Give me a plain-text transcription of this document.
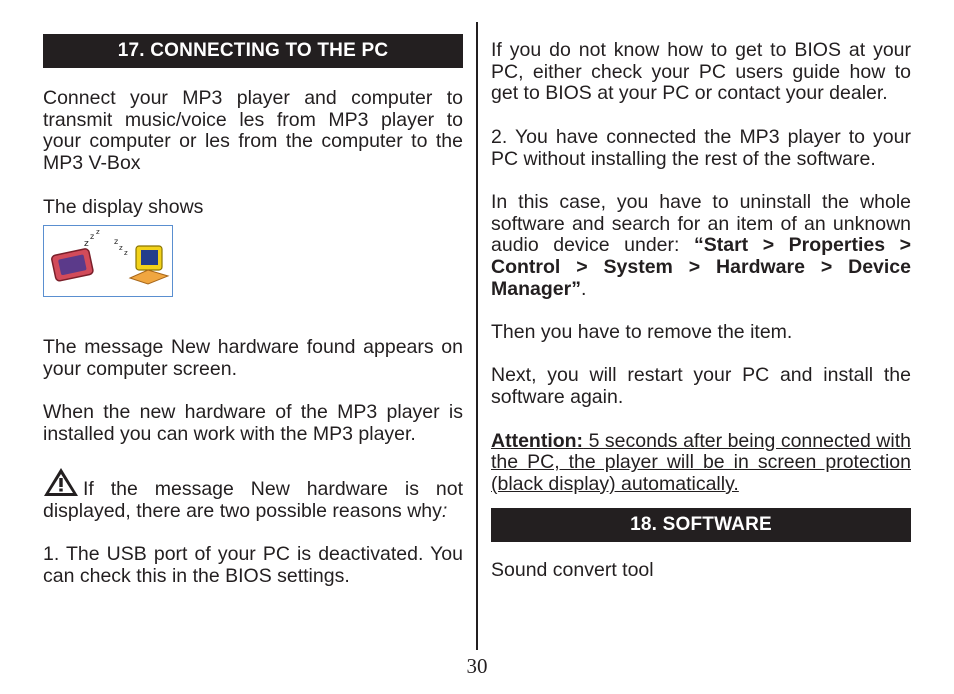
17. CONNECTING TO THE PC

Connect your MP3 player and computer to transmit music/voice les from MP3 player to your computer or les from the computer to the MP3 V-Box

The display shows

z
z z
z
z
z

The message New hardware found appears on your computer screen.

When the new hardware of the MP3 player is installed you can work with the MP3 player.

If the message New hardware is not displayed, there are two possible reasons why:

1. The USB port of your PC is deactivated. You can check this in the BIOS settings.

If you do not know how to get to BIOS at your PC, either check your PC users guide how to get to BIOS at your PC or contact your dealer.

2. You have connected the MP3 player to your PC without installing the rest of the software.

In this case, you have to uninstall the whole software and search for an item of an unknown audio device under: “Start > Properties > Control > System > Hardware > Device Manager”.

Then you have to remove the item.

Next, you will restart your PC and install the software again.

Attention: 5 seconds after being connected with the PC, the player will be in screen protection (black display) automatically.

18. SOFTWARE

Sound convert tool

30
